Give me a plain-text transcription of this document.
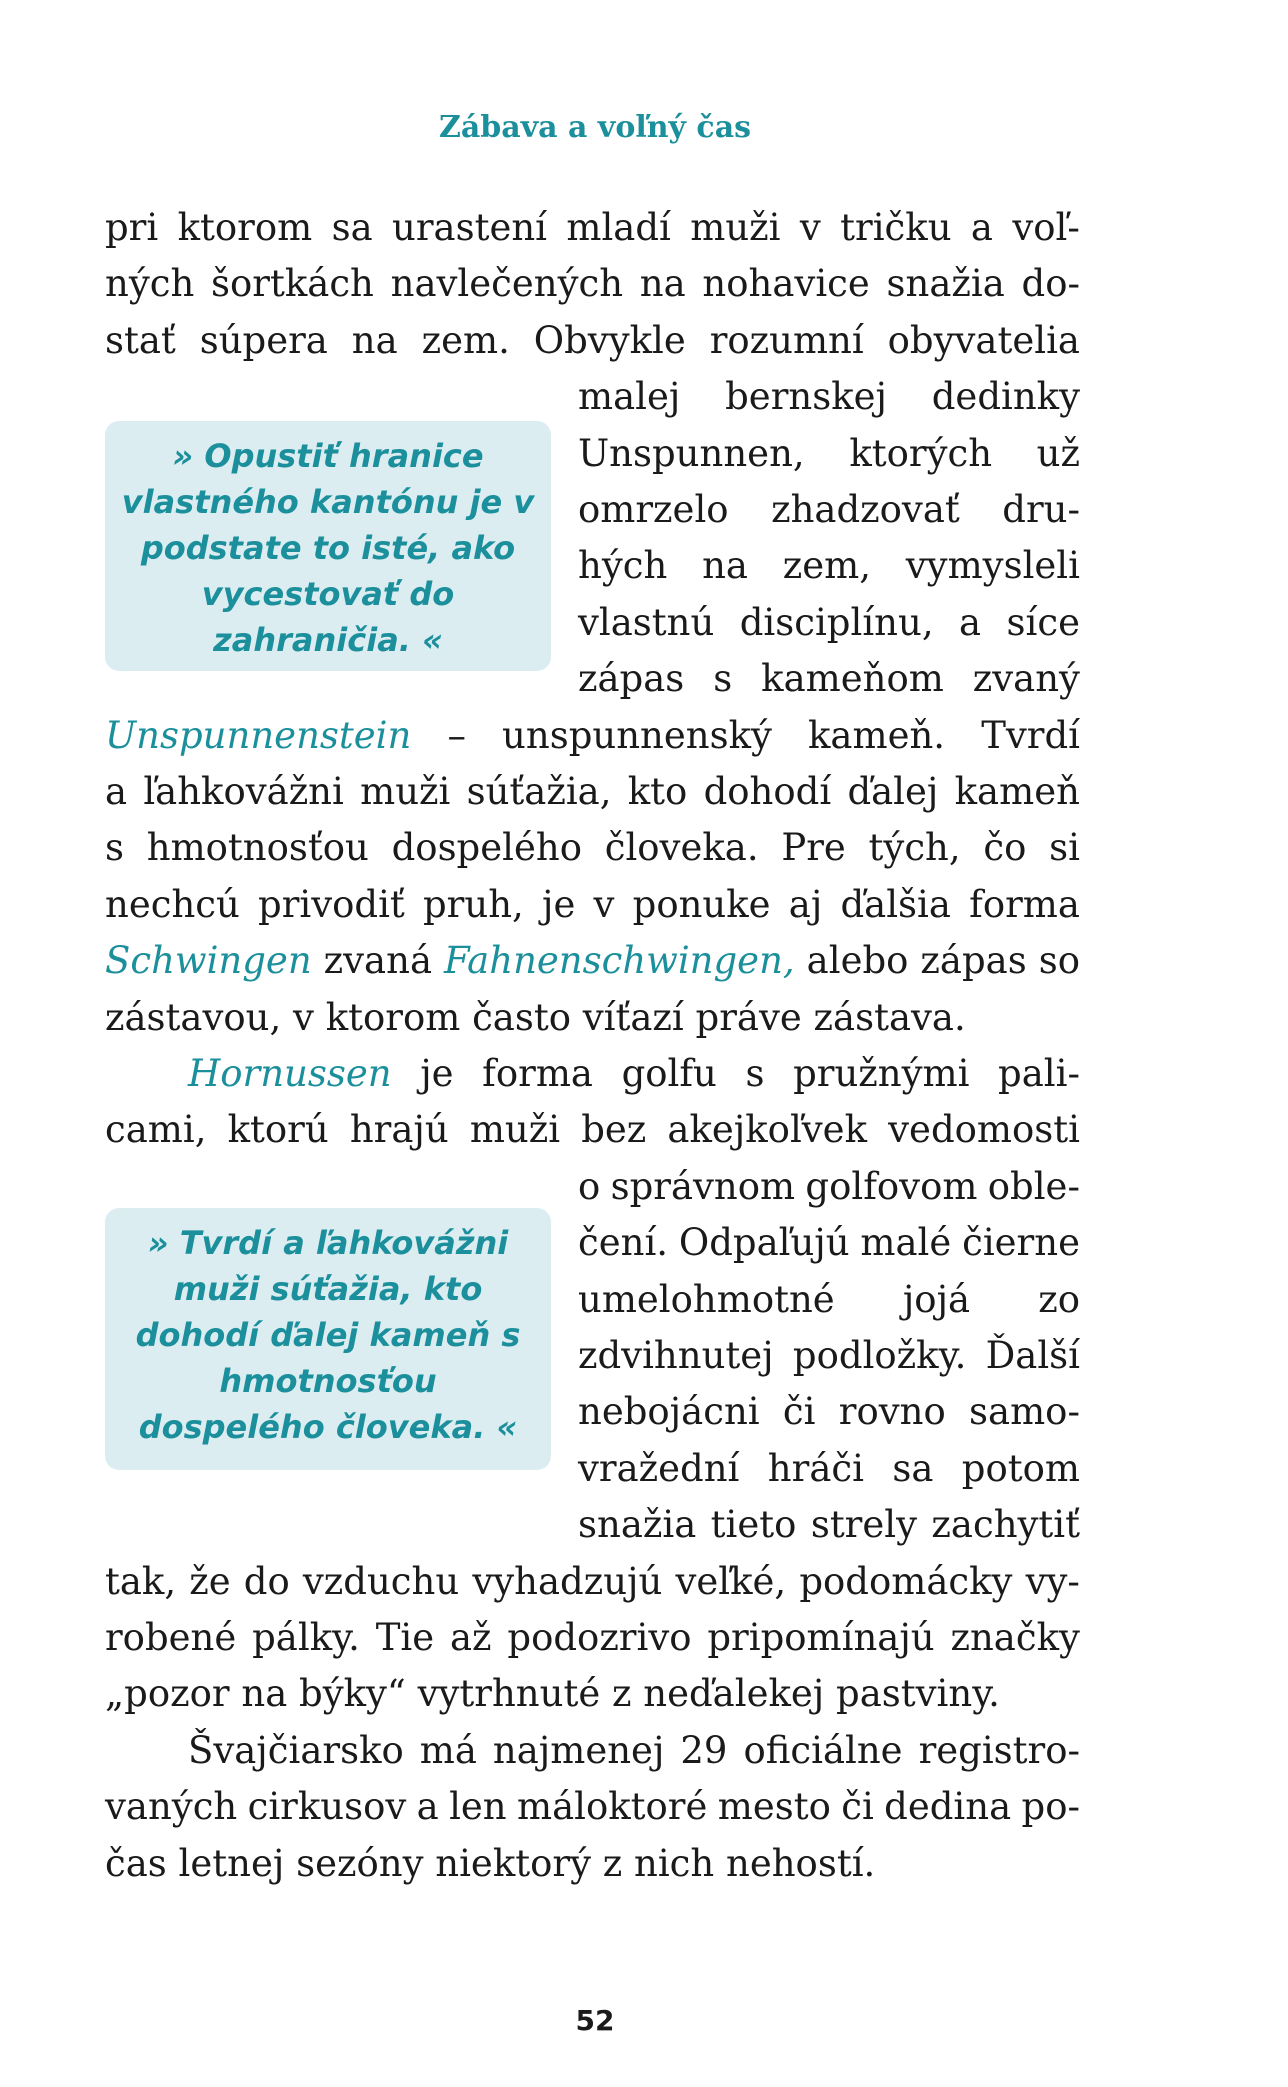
Zábava a voľný čas
» Opustiť hranice vlastného kantónu je v podstate to isté, ako vycestovať do zahraničia. «
» Tvrdí a ľahkovážni muži súťažia, kto dohodí ďalej kameň s hmotnosťou dospelého človeka. «
pri ktorom sa urastení mladí muži v tričku a voľ-
ných šortkách navlečených na nohavice snažia do-
stať súpera na zem. Obvykle rozumní obyvatelia
malej bernskej dedinky
Unspunnen, ktorých už
omrzelo zhadzovať dru-
hých na zem, vymysleli
vlastnú disciplínu, a síce
zápas s kameňom zvaný
Unspunnenstein – unspunnenský kameň. Tvrdí
a ľahkovážni muži súťažia, kto dohodí ďalej kameň
s hmotnosťou dospelého človeka. Pre tých, čo si
nechcú privodiť pruh, je v ponuke aj ďalšia forma
Schwingen zvaná Fahnenschwingen, alebo zápas so
zástavou, v ktorom často víťazí práve zástava.
Hornussen je forma golfu s pružnými pali-
cami, ktorú hrajú muži bez akejkoľvek vedomosti
o správnom golfovom oble-
čení. Odpaľujú malé čierne
umelohmotné jojá zo
zdvihnutej podložky. Ďalší
nebojácni či rovno samo-
vražední hráči sa potom
snažia tieto strely zachytiť
tak, že do vzduchu vyhadzujú veľké, podomácky vy-
robené pálky. Tie až podozrivo pripomínajú značky
„pozor na býky“ vytrhnuté z neďalekej pastviny.
Švajčiarsko má najmenej 29 oficiálne registro-
vaných cirkusov a len máloktoré mesto či dedina po-
čas letnej sezóny niektorý z nich nehostí.
52
